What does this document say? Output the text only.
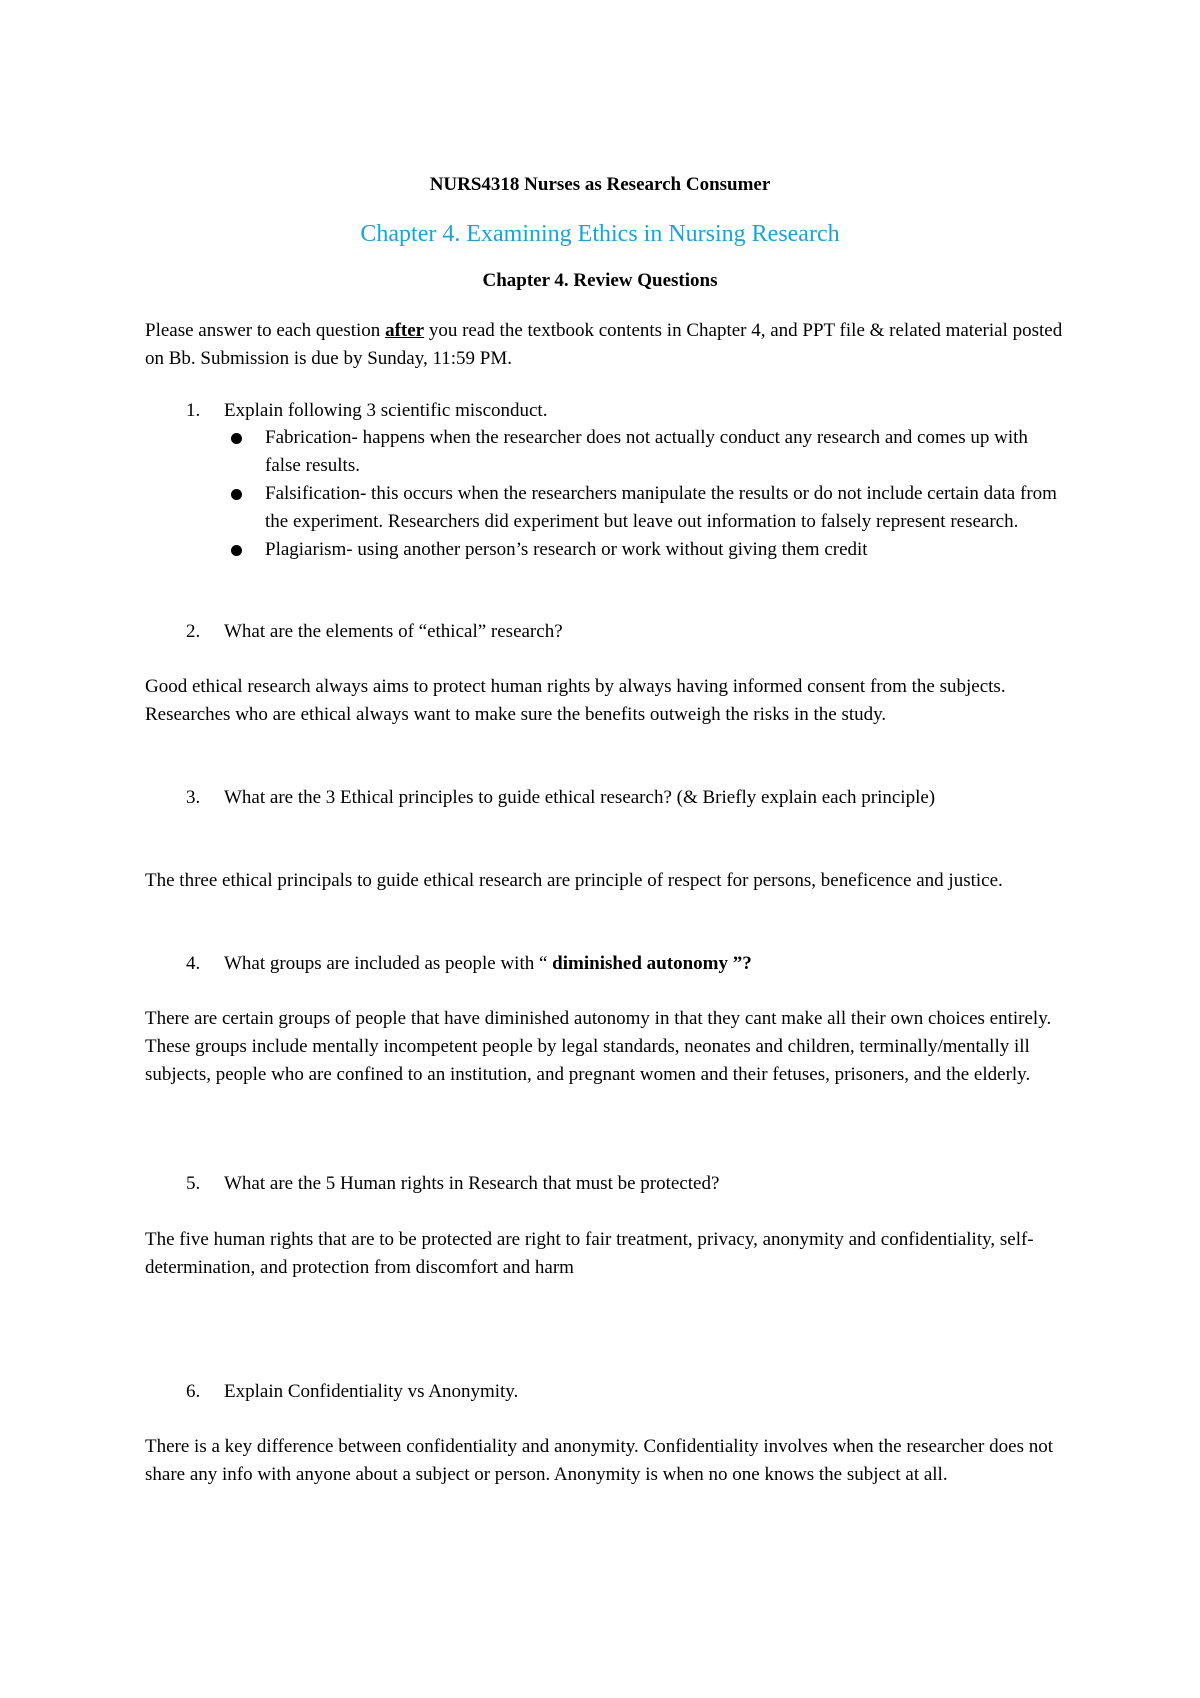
NURS4318 Nurses as Research Consumer
Chapter 4. Examining Ethics in Nursing Research
Chapter 4. Review Questions
Please answer to each question after you read the textbook contents in Chapter 4, and PPT file & related material posted on Bb. Submission is due by Sunday, 11:59 PM.
1.	Explain following 3 scientific misconduct.
Fabrication- happens when the researcher does not actually conduct any research and comes up with false results.
Falsification- this occurs when the researchers manipulate the results or do not include certain data from the experiment. Researchers did experiment but leave out information to falsely represent research.
Plagiarism- using another person’s research or work without giving them credit
2.	What are the elements of “ethical” research?
Good ethical research always aims to protect human rights by always having informed consent from the subjects. Researches who are ethical always want to make sure the benefits outweigh the risks in the study.
3.	What are the 3 Ethical principles to guide ethical research? (& Briefly explain each principle)
The three ethical principals to guide ethical research are principle of respect for persons, beneficence and justice.
4.	What groups are included as people with “ diminished autonomy ”?
There are certain groups of people that have diminished autonomy in that they cant make all their own choices entirely. These groups include mentally incompetent people by legal standards, neonates and children, terminally/mentally ill subjects, people who are confined to an institution, and pregnant women and their fetuses, prisoners, and the elderly.
5.	What are the 5 Human rights in Research that must be protected?
The five human rights that are to be protected are right to fair treatment, privacy, anonymity and confidentiality, self-determination, and protection from discomfort and harm
6.	Explain Confidentiality vs Anonymity.
There is a key difference between confidentiality and anonymity. Confidentiality involves when the researcher does not share any info with anyone about a subject or person. Anonymity is when no one knows the subject at all.
